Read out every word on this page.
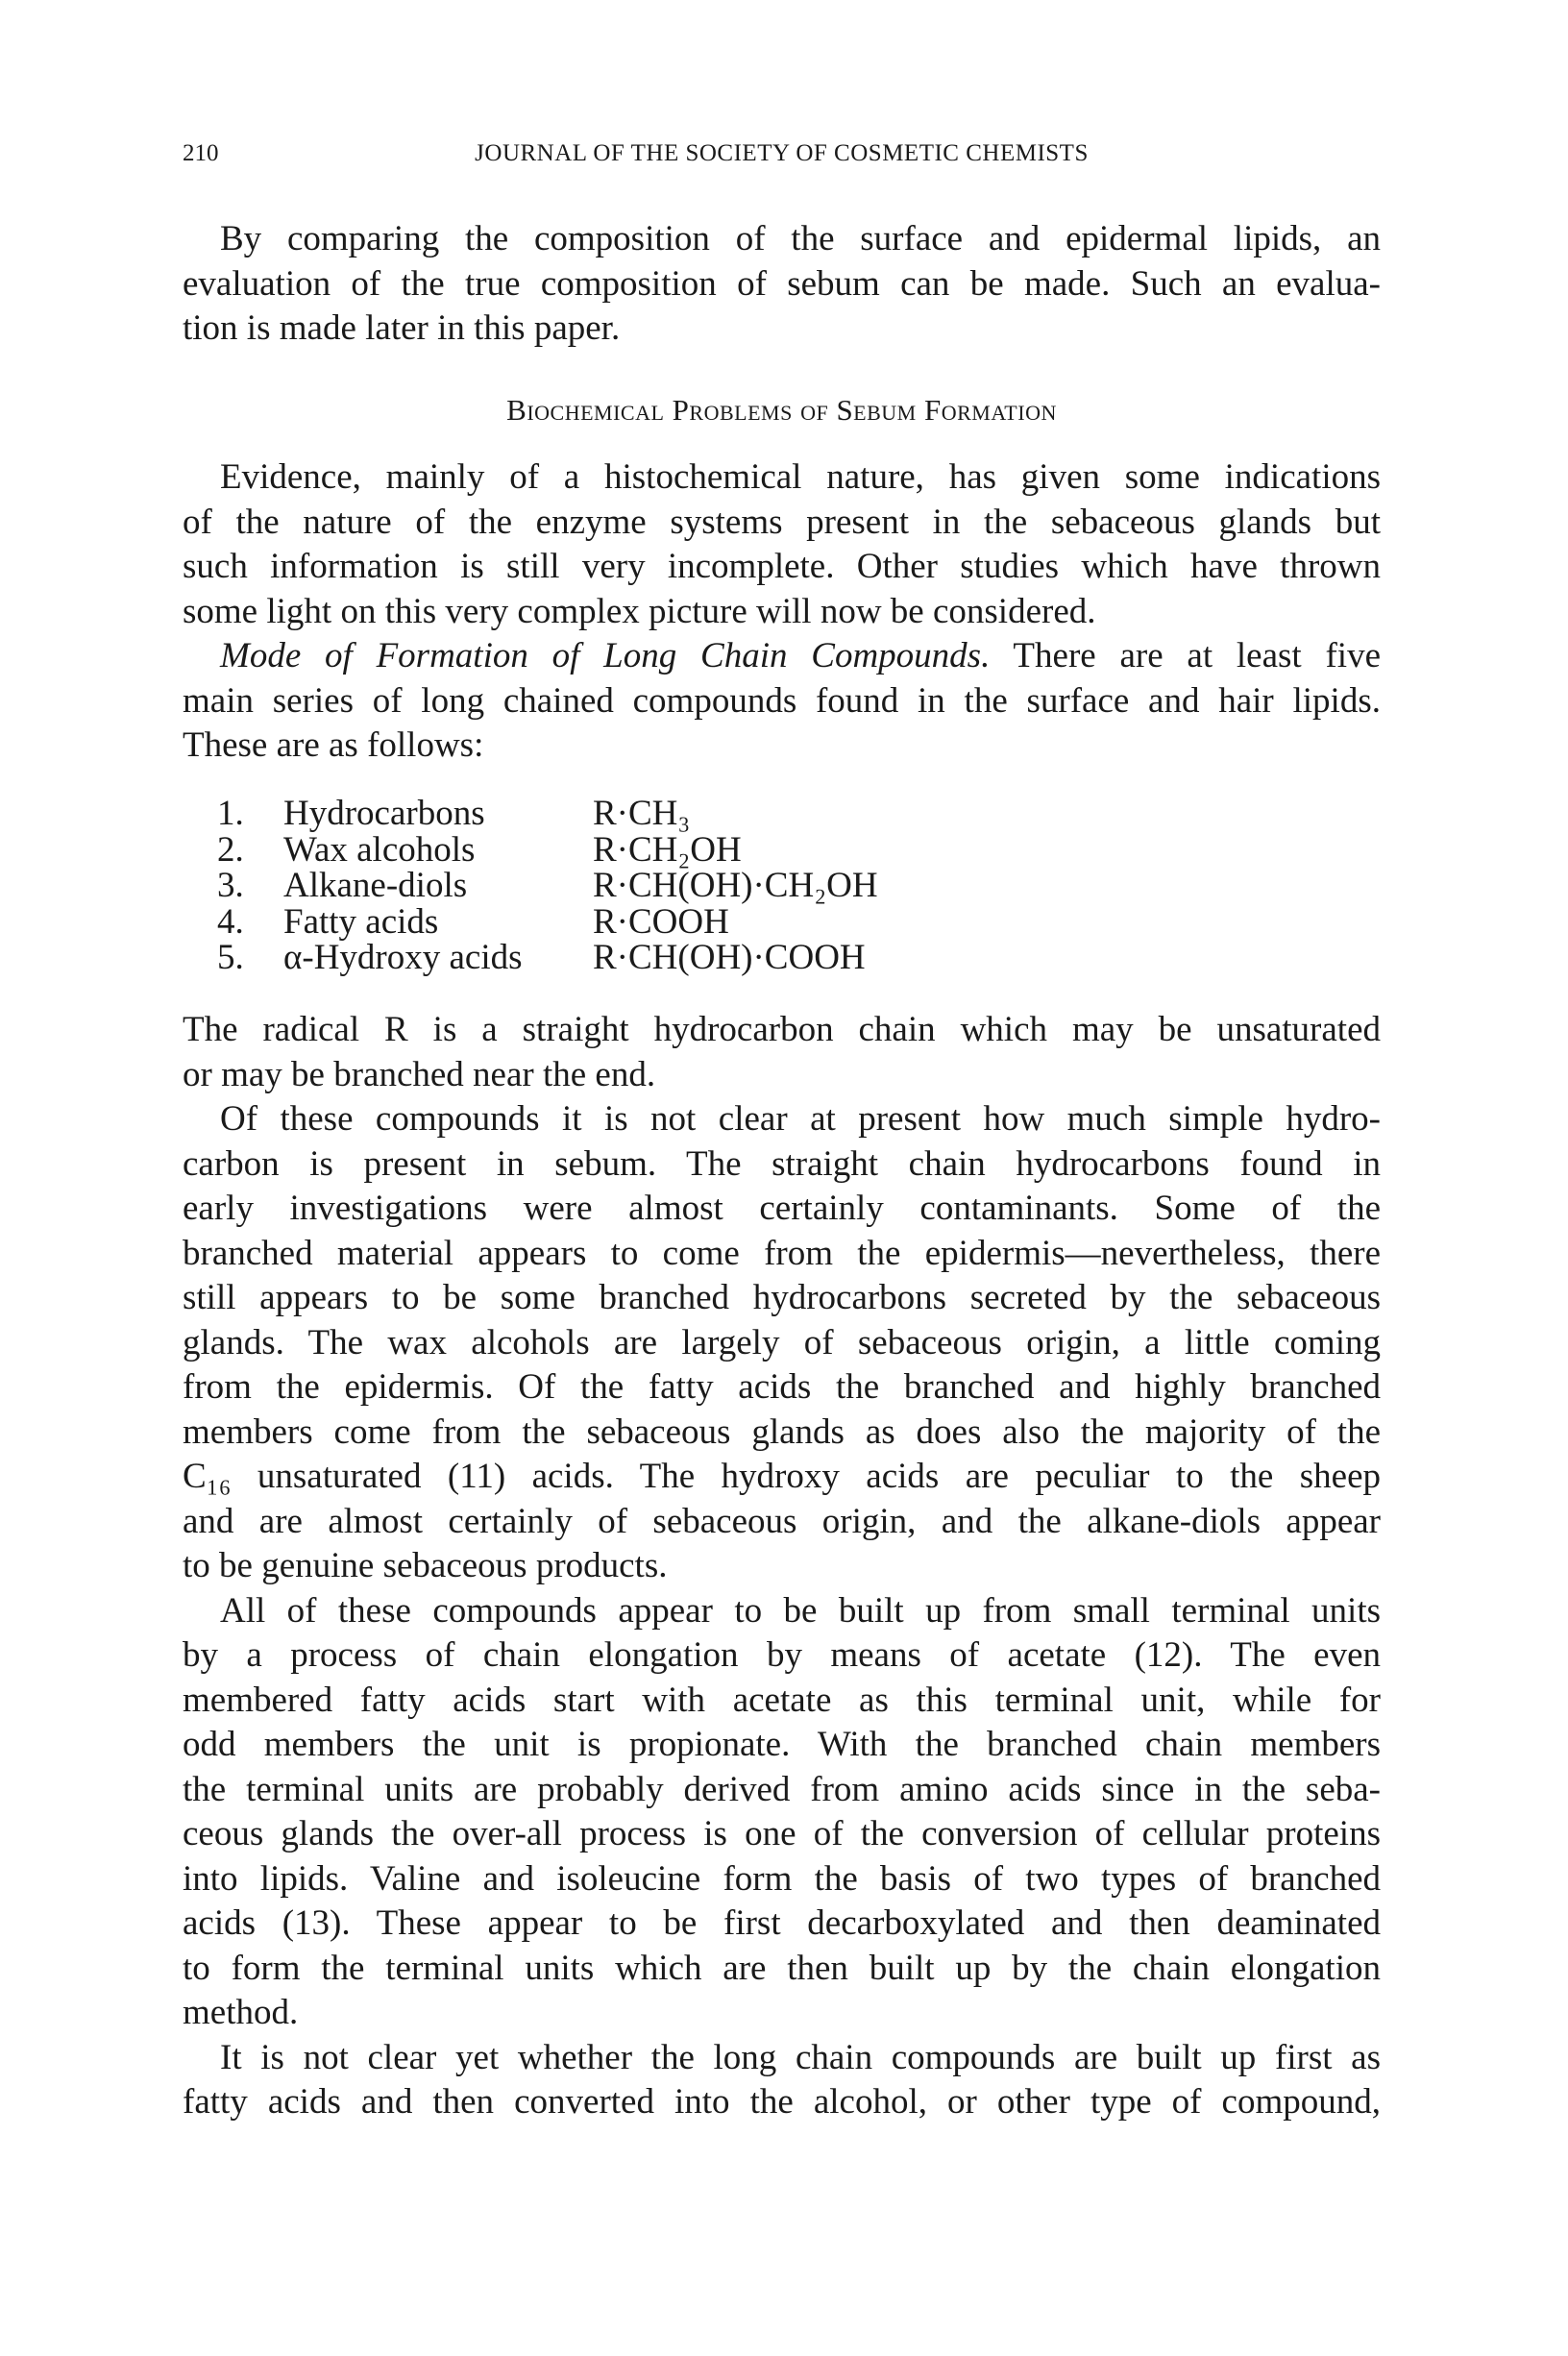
210	JOURNAL OF THE SOCIETY OF COSMETIC CHEMISTS
By comparing the composition of the surface and epidermal lipids, an
evaluation of the true composition of sebum can be made. Such an evalua-
tion is made later in this paper.
Biochemical Problems of Sebum Formation
Evidence, mainly of a histochemical nature, has given some indications
of the nature of the enzyme systems present in the sebaceous glands but
such information is still very incomplete. Other studies which have thrown
some light on this very complex picture will now be considered.
Mode of Formation of Long Chain Compounds. There are at least five
main series of long chained compounds found in the surface and hair lipids.
These are as follows:
1. Hydrocarbons	R·CH₃
2. Wax alcohols	R·CH₂OH
3. Alkane-diols	R·CH(OH)·CH₂OH
4. Fatty acids	R·COOH
5. α-Hydroxy acids R·CH(OH)·COOH
The radical R is a straight hydrocarbon chain which may be unsaturated
or may be branched near the end.
Of these compounds it is not clear at present how much simple hydro-
carbon is present in sebum. The straight chain hydrocarbons found in
early investigations were almost certainly contaminants. Some of the
branched material appears to come from the epidermis—nevertheless, there
still appears to be some branched hydrocarbons secreted by the sebaceous
glands. The wax alcohols are largely of sebaceous origin, a little coming
from the epidermis. Of the fatty acids the branched and highly branched
members come from the sebaceous glands as does also the majority of the
C₁₆ unsaturated (11) acids. The hydroxy acids are peculiar to the sheep
and are almost certainly of sebaceous origin, and the alkane-diols appear
to be genuine sebaceous products.
All of these compounds appear to be built up from small terminal units
by a process of chain elongation by means of acetate (12). The even
membered fatty acids start with acetate as this terminal unit, while for
odd members the unit is propionate. With the branched chain members
the terminal units are probably derived from amino acids since in the seba-
ceous glands the over-all process is one of the conversion of cellular proteins
into lipids. Valine and isoleucine form the basis of two types of branched
acids (13). These appear to be first decarboxylated and then deaminated
to form the terminal units which are then built up by the chain elongation
method.
It is not clear yet whether the long chain compounds are built up first as
fatty acids and then converted into the alcohol, or other type of compound,
